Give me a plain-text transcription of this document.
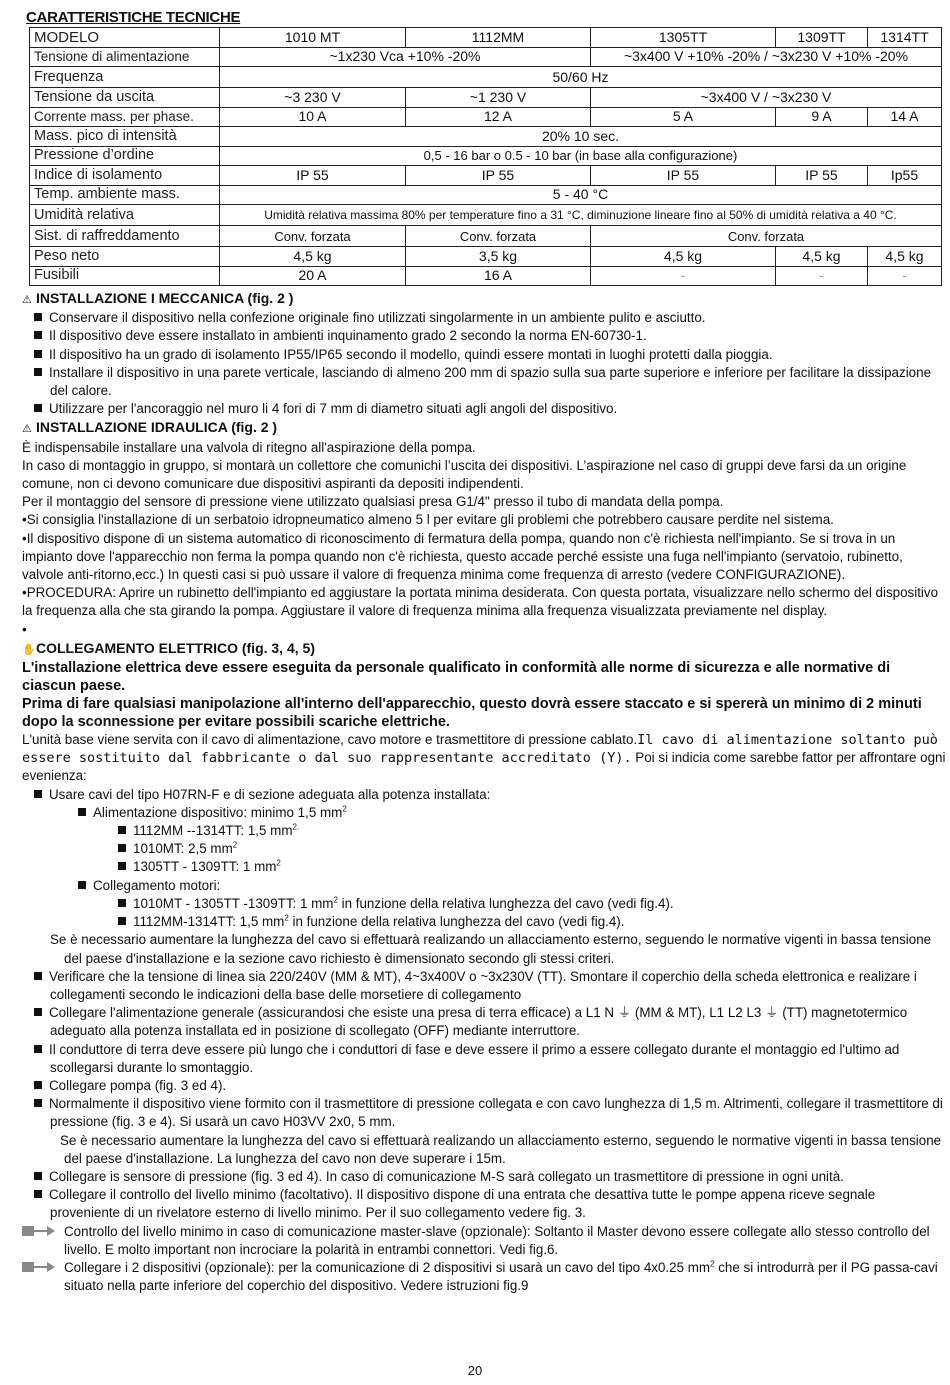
CARATTERISTICHE TECNICHE
MODELO	1010 MT	1112MM	1305TT	1309TT	1314TT
Tensione di alimentazione	~1x230 Vca +10% -20%		~3x400 V +10% -20% / ~3x230 V +10% -20%		
Frequenza	50/60 Hz				
Tensione da uscita	~3 230 V	~1 230 V	~3x400 V / ~3x230 V		
Corrente mass. per phase.	10 A	12 A	5 A	9 A	14 A
Mass. pico di intensità	20% 10 sec.				
Pressione d’ordine	0,5 - 16 bar o 0.5 - 10 bar (in base alla configurazione)				
Indice di isolamento	IP 55	IP 55	IP 55	IP 55	Ip55
Temp. ambiente mass.	5 - 40 °C				
Umidità relativa	Umidità relativa massima 80% per temperature fino a 31 °C, diminuzione lineare fino al 50% di umidità relativa a 40 °C.				
Sist. di raffreddamento	Conv. forzata	Conv. forzata	Conv. forzata		
Peso neto	4,5 kg	3,5 kg	4,5 kg	4,5 kg	4,5 kg
Fusibili	20 A	16 A	-	-	-

⚠ INSTALLAZIONE I MECCANICA (fig. 2 )

Conservare il dispositivo nella confezione originale fino utilizzati singolarmente in un ambiente pulito e asciutto.

Il dispositivo deve essere installato in ambienti inquinamento grado 2 secondo la norma EN-60730-1.

Il dispositivo ha un grado di isolamento IP55/IP65 secondo il modello, quindi essere montati in luoghi protetti dalla pioggia.

Installare il dispositivo in una parete verticale, lasciando di almeno 200 mm di spazio sulla sua parte superiore e inferiore per facilitare la dissipazione del calore.

Utilizzare per l'ancoraggio nel muro li 4 fori di 7 mm di diametro situati agli angoli del dispositivo.

⚠ INSTALLAZIONE IDRAULICA (fig. 2 )

È indispensabile installare una valvola di ritegno all'aspirazione della pompa.

In caso di montaggio in gruppo, si montarà un collettore che comunichi l’uscita dei dispositivi. L’aspirazione nel caso di gruppi deve farsi da un origine comune, non ci devono comunicare due dispositivi aspiranti da depositi indipendenti.

Per il montaggio del sensore di pressione viene utilizzato qualsiasi presa G1/4" presso il tubo di mandata della pompa.

•Si consiglia l'installazione di un serbatoio idropneumatico almeno 5 l per evitare gli problemi che potrebbero causare perdite nel sistema.

•Il dispositivo dispone di un sistema automatico di riconoscimento di fermatura della pompa, quando non c'è richiesta nell'impianto. Se si trova in un impianto dove l'apparecchio non ferma la pompa quando non c'è richiesta, questo accade perché essiste una fuga nell'impianto (servatoio, rubinetto, valvole anti-ritorno,ecc.) In questi casi si può ussare il valore di frequenza minima come frequenza di arresto (vedere CONFIGURAZIONE).

•PROCEDURA: Aprire un rubinetto dell'impianto ed aggiustare la portata minima desiderata. Con questa portata, visualizzare nello schermo del dispositivo la frequenza alla che sta girando la pompa. Aggiustare il valore di frequenza minima alla frequenza visualizzata previamente nel display.

•

✋COLLEGAMENTO ELETTRICO (fig. 3, 4, 5)

L'installazione elettrica deve essere eseguita da personale qualificato in conformità alle norme di sicurezza e alle normative di ciascun paese.

Prima di fare qualsiasi manipolazione all'interno dell'apparecchio, questo dovrà essere staccato e si spererà un minimo di 2 minuti dopo la sconnessione per evitare possibili scariche elettriche.

L'unità base viene servita con il cavo di alimentazione, cavo motore e trasmettitore di pressione cablato.Il cavo di alimentazione soltanto può essere sostituito dal fabbricante o dal suo rappresentante accreditato (Y). Poi si indicia come sarebbe fattor per affrontare ogni evenienza:

Usare cavi del tipo H07RN-F e di sezione adeguata alla potenza installata:

Alimentazione dispositivo: minimo 1,5 $mm^2$

1112MM --1314TT: 1,5 $mm^{2.}$

1010MT: 2,5 $mm^2$

1305TT - 1309TT: 1 $mm^2$

Collegamento motori:

1010MT - 1305TT -1309TT: 1 $mm^2$ in funzione della relativa lunghezza del cavo (vedi fig.4).

1112MM-1314TT: 1,5 $mm^2$ in funzione della relativa lunghezza del cavo (vedi fig.4).

Se è necessario aumentare la lunghezza del cavo si effettuarà realizando un allacciamento esterno, seguendo le normative vigenti in bassa tensione del paese d'installazione e la sezione cavo richiesto è dimensionato secondo gli stessi criteri.

Verificare che la tensione di linea sia 220/240V (MM & MT), 4~3x400V o ~3x230V (TT). Smontare il coperchio della scheda elettronica e realizare i collegamenti secondo le indicazioni della base delle morsetiere di collegamento

Collegare l'alimentazione generale (assicurandosi che esiste una presa di terra efficace) a L1 N ⏚ (MM & MT), L1 L2 L3 ⏚ (TT) magnetotermico adeguato alla potenza installata ed in posizione di scollegato (OFF) mediante interruttore.

Il conduttore di terra deve essere più lungo che i conduttori di fase e deve essere il primo a essere collegato durante el montaggio ed l'ultimo ad scollegarsi durante lo smontaggio.

Collegare pompa (fig. 3 ed 4).

Normalmente il dispositivo viene formito con il trasmettitore di pressione collegata e con cavo lunghezza di 1,5 m. Altrimenti, collegare il trasmettitore di pressione (fig. 3 e 4). Si usarà un cavo H03VV 2x0, 5 mm.

Se è necessario aumentare la lunghezza del cavo si effettuarà realizando un allacciamento esterno, seguendo le normative vigenti in bassa tensione del paese d'installazione. La lunghezza del cavo non deve superare i 15m.

Collegare is sensore di pressione (fig. 3 ed 4). In caso di comunicazione M-S sarà collegato un trasmettitore di pressione in ogni unità.

Collegare il controllo del livello minimo (facoltativo). Il dispositivo dispone di una entrata che desattiva tutte le pompe appena riceve segnale proveniente di un rivelatore esterno di livello minimo. Per il suo collegamento vedere fig. 3.

M	Controllo del livello minimo in caso di comunicazione master-slave (opzionale): Soltanto il Master devono essere collegate allo stesso controllo del livello. E molto important non incrociare la polarità in entrambi connettori. Vedi fig.6.

M	Collegare i 2 dispositivi (opzionale): per la comunicazione di 2 dispositivi si usarà un cavo del tipo 4x0.25 $mm^2$ che si introdurrà per il PG passa-cavi situato nella parte inferiore del coperchio del dispositivo. Vedere istruzioni fig.9

20
